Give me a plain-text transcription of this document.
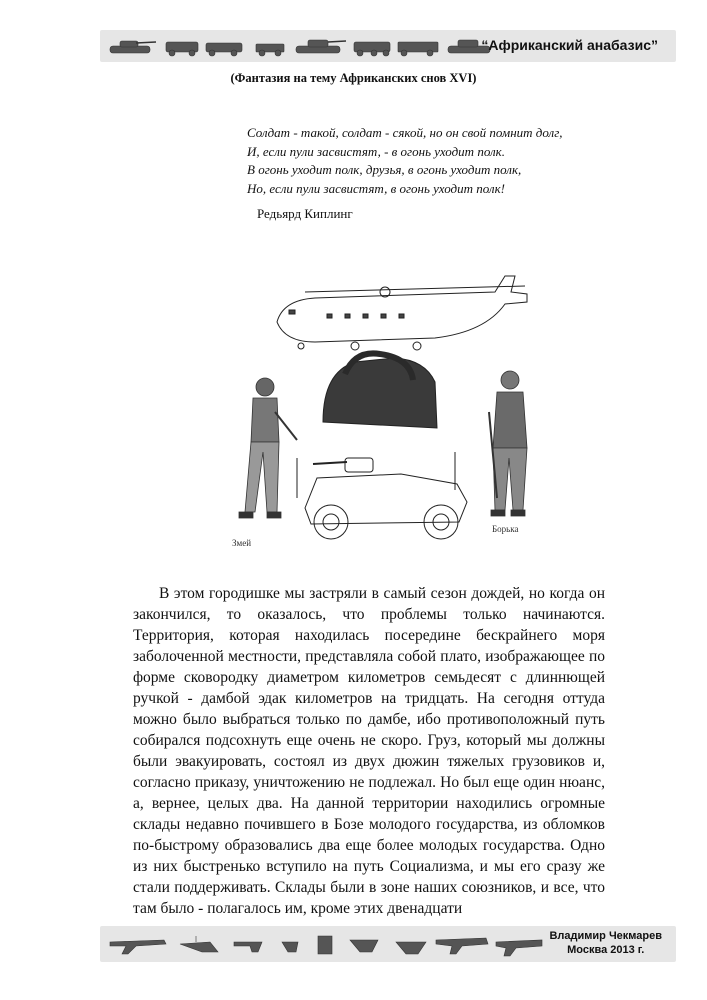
“Африканский анабазис”
(Фантазия на тему Африканских снов XVI)
Солдат - такой, солдат - сякой, но он свой помнит долг,
И, если пули засвистят, - в огонь уходит полк.
В огонь уходит полк, друзья, в огонь уходит полк,
Но, если пули засвистят, в огонь уходит полк!
Редьярд Киплинг
Змей
Борька

В этом городишке мы застряли в самый сезон дождей, но когда он закончился, то оказалось, что проблемы только начинаются. Территория, которая находилась посередине бескрайнего моря заболоченной местности, представляла собой плато, изображающее по форме сковородку диаметром километров семьдесят с длиннющей ручкой - дамбой эдак километров на тридцать. На сегодня оттуда можно было выбраться только по дамбе, ибо противоположный путь собирался подсохнуть еще очень не скоро. Груз, который мы должны были эвакуировать, состоял из двух дюжин тяжелых грузовиков и, согласно приказу, уничтожению не подлежал. Но был еще один нюанс, а, вернее, целых два. На данной территории находились огромные склады недавно почившего в Бозе молодого государства, из обломков по-быстрому образовались два еще более молодых государства. Одно из них быстренько вступило на путь Социализма, и мы его сразу же стали поддерживать. Склады были в зоне наших союзников, и все, что там было - полагалось им, кроме этих двенадцати

Владимир Чекмарев
Москва 2013 г.
